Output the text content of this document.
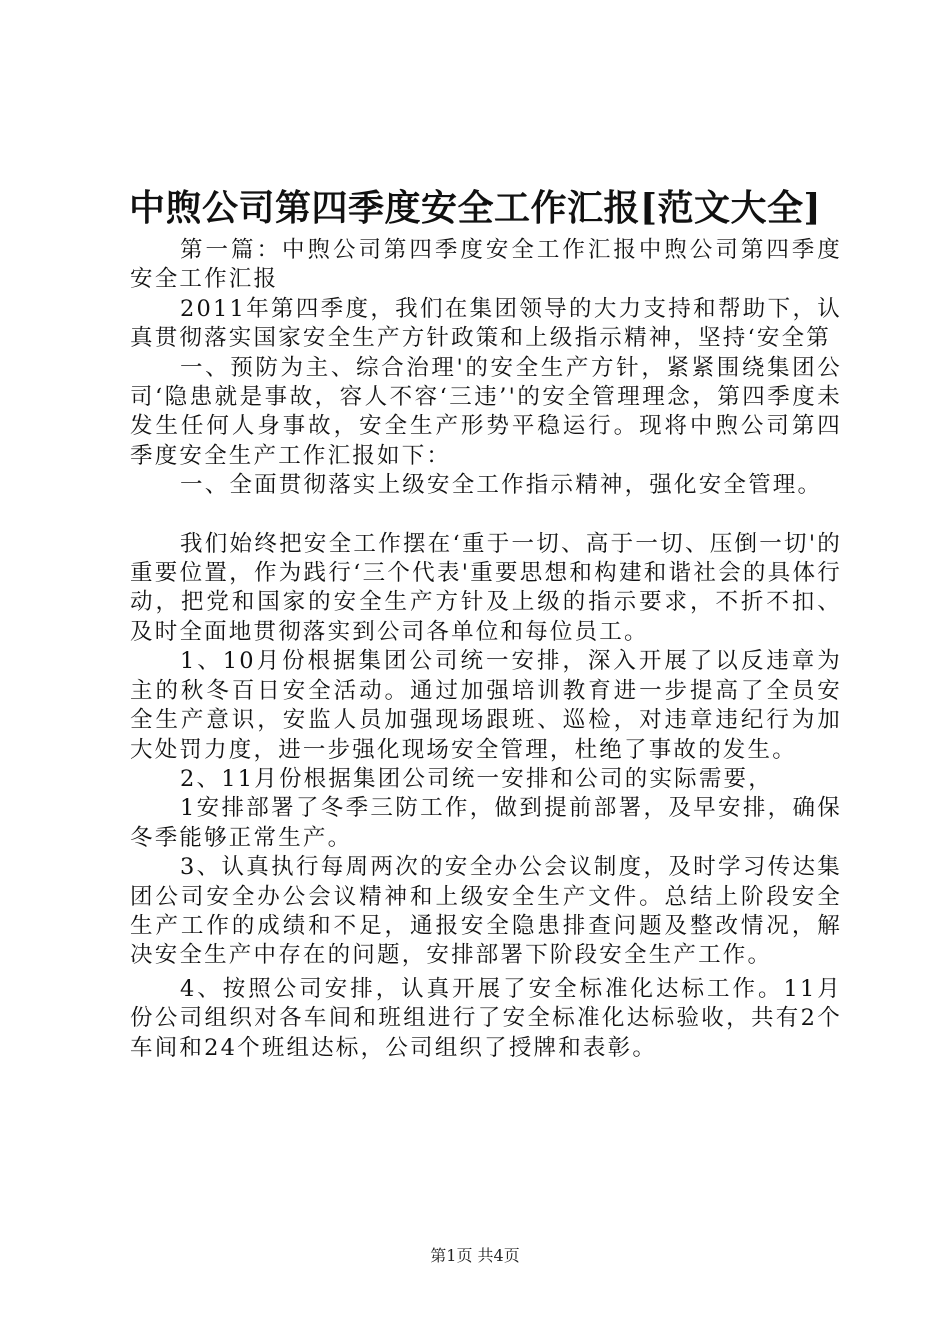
中煦公司第四季度安全工作汇报[范文大全]

第一篇：中煦公司第四季度安全工作汇报中煦公司第四季度安全工作汇报

2011年第四季度，我们在集团领导的大力支持和帮助下，认真贯彻落实国家安全生产方针政策和上级指示精神，坚持‘安全第

一、预防为主、综合治理'的安全生产方针，紧紧围绕集团公司‘隐患就是事故，容人不容‘三违’'的安全管理理念，第四季度未发生任何人身事故，安全生产形势平稳运行。现将中煦公司第四季度安全生产工作汇报如下：

一、全面贯彻落实上级安全工作指示精神，强化安全管理。

我们始终把安全工作摆在‘重于一切、高于一切、压倒一切'的重要位置，作为践行‘三个代表'重要思想和构建和谐社会的具体行动，把党和国家的安全生产方针及上级的指示要求，不折不扣、及时全面地贯彻落实到公司各单位和每位员工。

1、10月份根据集团公司统一安排，深入开展了以反违章为主的秋冬百日安全活动。通过加强培训教育进一步提高了全员安全生产意识，安监人员加强现场跟班、巡检，对违章违纪行为加大处罚力度，进一步强化现场安全管理，杜绝了事故的发生。

2、11月份根据集团公司统一安排和公司的实际需要，

1安排部署了冬季三防工作，做到提前部署，及早安排，确保冬季能够正常生产。

3、认真执行每周两次的安全办公会议制度，及时学习传达集团公司安全办公会议精神和上级安全生产文件。总结上阶段安全生产工作的成绩和不足，通报安全隐患排查问题及整改情况，解决安全生产中存在的问题，安排部署下阶段安全生产工作。

4、按照公司安排，认真开展了安全标准化达标工作。11月份公司组织对各车间和班组进行了安全标准化达标验收，共有2个车间和24个班组达标，公司组织了授牌和表彰。

第1页 共4页
